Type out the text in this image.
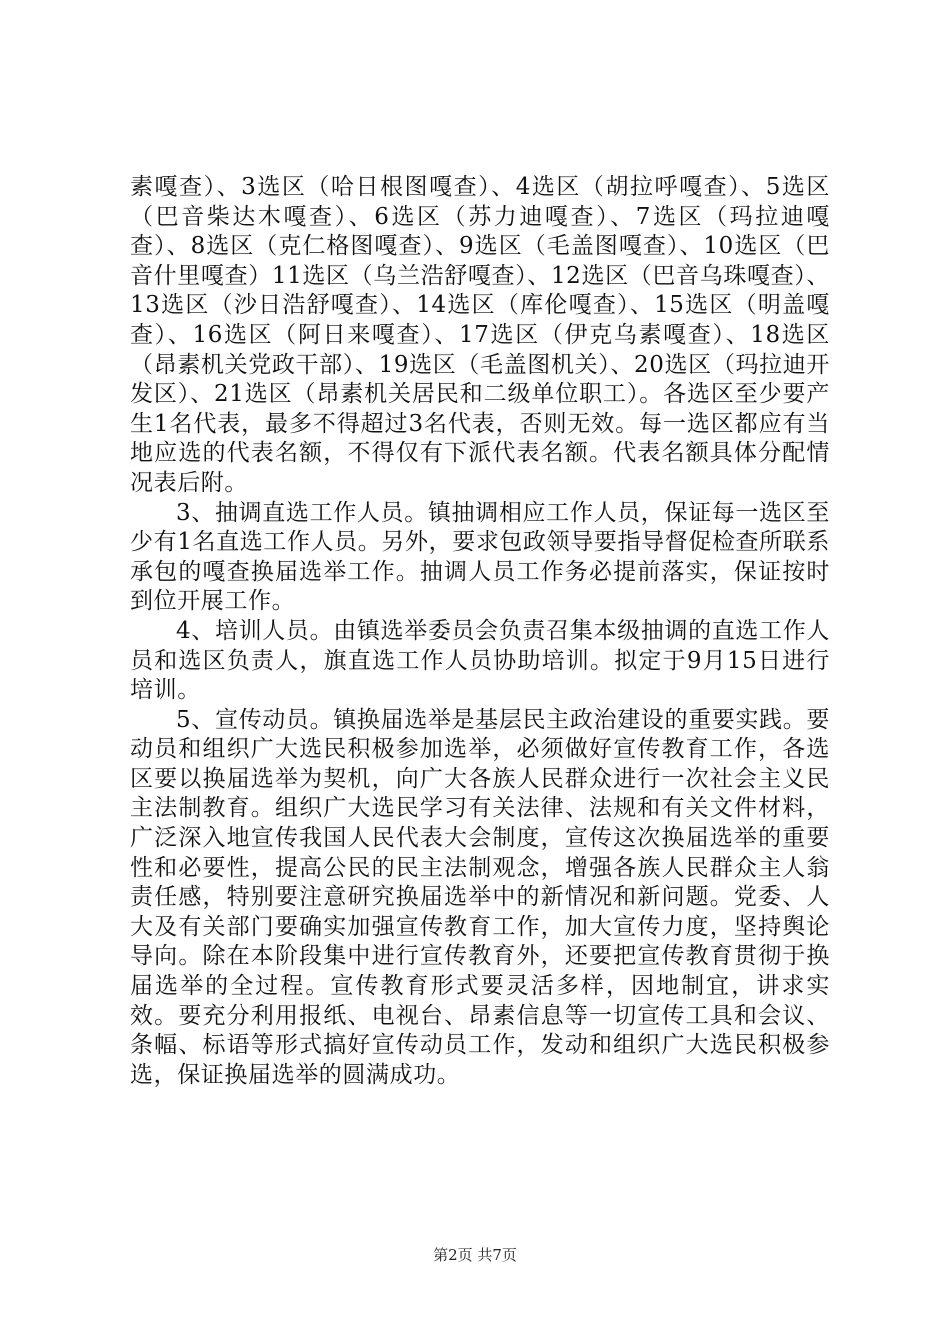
素嘎查）、3选区（哈日根图嘎查）、4选区（胡拉呼嘎查）、5选区（巴音柴达木嘎查）、6选区（苏力迪嘎查）、7选区（玛拉迪嘎查）、8选区（克仁格图嘎查）、9选区（毛盖图嘎查）、10选区（巴音什里嘎查）11选区（乌兰浩舒嘎查）、12选区（巴音乌珠嘎查）、13选区（沙日浩舒嘎查）、14选区（库伦嘎查）、15选区（明盖嘎查）、16选区（阿日来嘎查）、17选区（伊克乌素嘎查）、18选区（昂素机关党政干部）、19选区（毛盖图机关）、20选区（玛拉迪开发区）、21选区（昂素机关居民和二级单位职工）。各选区至少要产生1名代表，最多不得超过3名代表，否则无效。每一选区都应有当地应选的代表名额，不得仅有下派代表名额。代表名额具体分配情况表后附。

3、抽调直选工作人员。镇抽调相应工作人员，保证每一选区至少有1名直选工作人员。另外，要求包政领导要指导督促检查所联系承包的嘎查换届选举工作。抽调人员工作务必提前落实，保证按时到位开展工作。

4、培训人员。由镇选举委员会负责召集本级抽调的直选工作人员和选区负责人，旗直选工作人员协助培训。拟定于9月15日进行培训。

5、宣传动员。镇换届选举是基层民主政治建设的重要实践。要动员和组织广大选民积极参加选举，必须做好宣传教育工作，各选区要以换届选举为契机，向广大各族人民群众进行一次社会主义民主法制教育。组织广大选民学习有关法律、法规和有关文件材料，广泛深入地宣传我国人民代表大会制度，宣传这次换届选举的重要性和必要性，提高公民的民主法制观念，增强各族人民群众主人翁责任感，特别要注意研究换届选举中的新情况和新问题。党委、人大及有关部门要确实加强宣传教育工作，加大宣传力度，坚持舆论导向。除在本阶段集中进行宣传教育外，还要把宣传教育贯彻于换届选举的全过程。宣传教育形式要灵活多样，因地制宜，讲求实效。要充分利用报纸、电视台、昂素信息等一切宣传工具和会议、条幅、标语等形式搞好宣传动员工作，发动和组织广大选民积极参选，保证换届选举的圆满成功。

第2页 共7页
